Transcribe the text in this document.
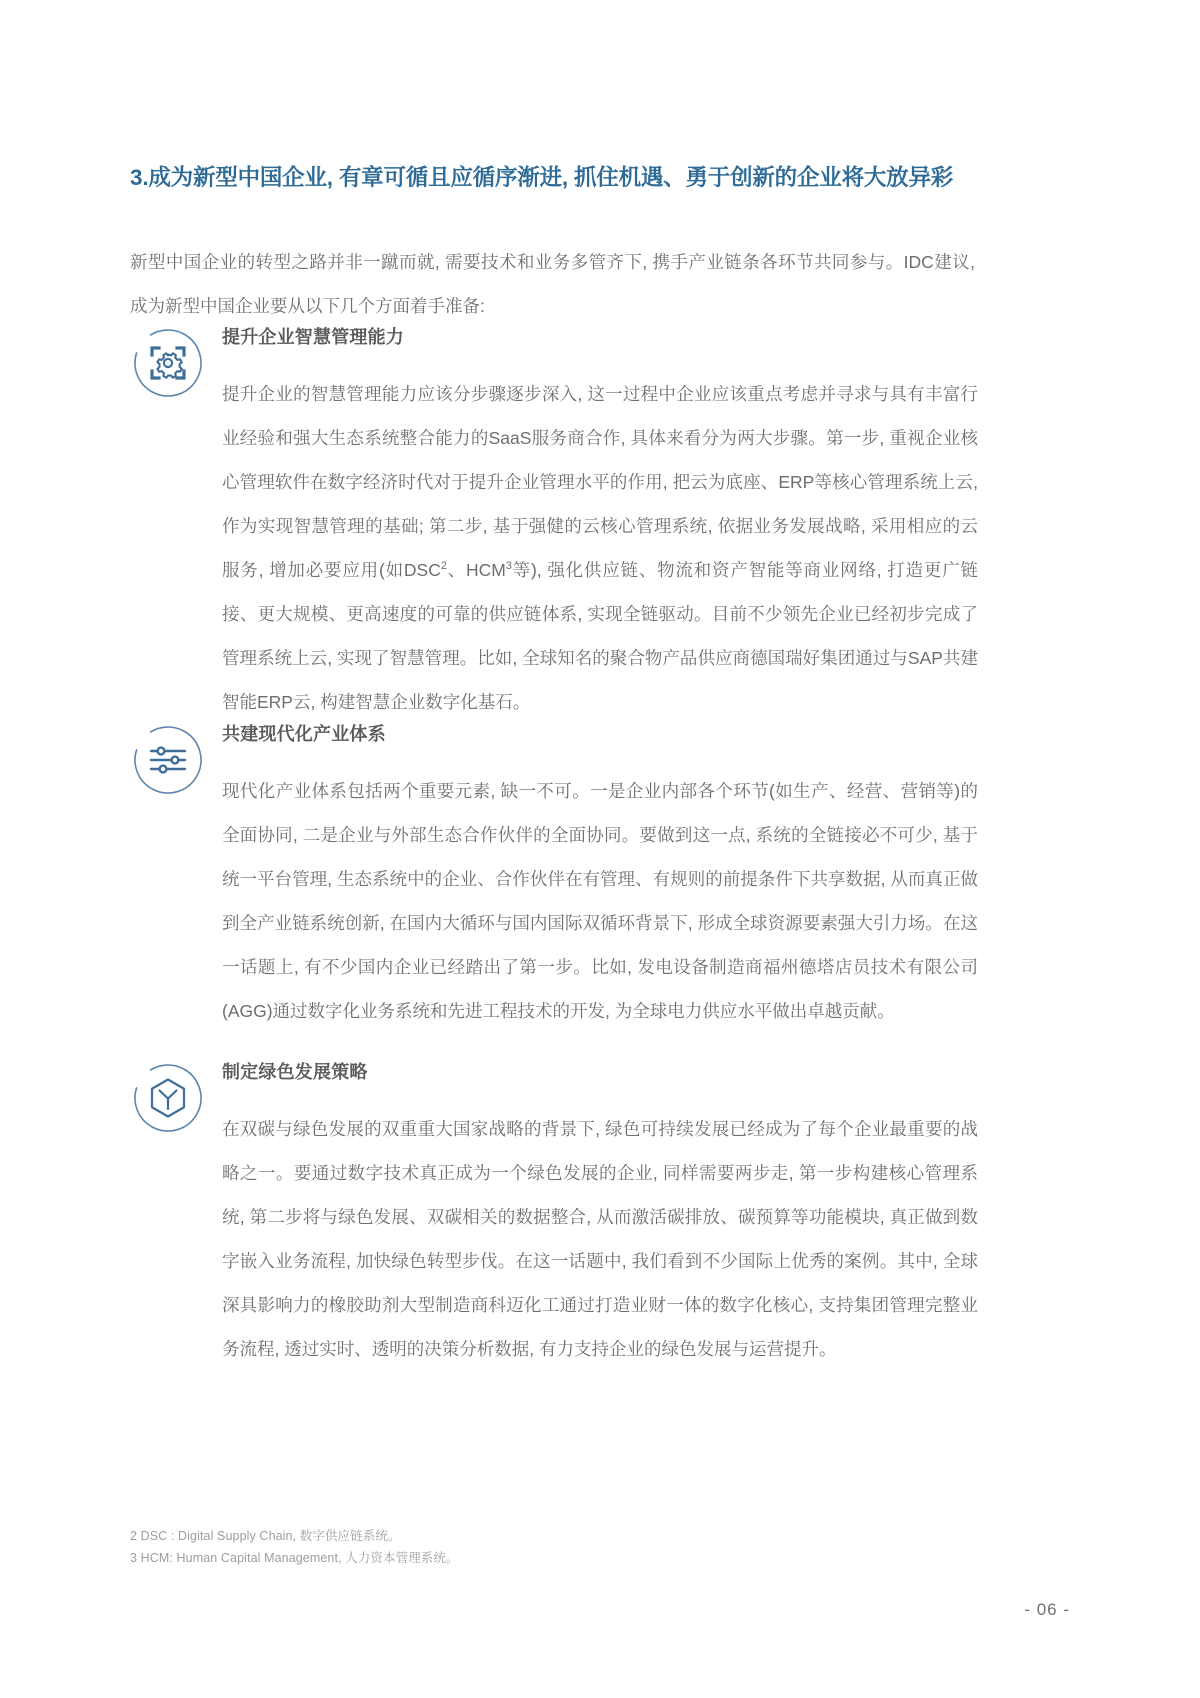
3.成为新型中国企业, 有章可循且应循序渐进, 抓住机遇、勇于创新的企业将大放异彩

新型中国企业的转型之路并非一蹴而就, 需要技术和业务多管齐下, 携手产业链条各环节共同参与。IDC建议, 成为新型中国企业要从以下几个方面着手准备:

提升企业智慧管理能力

提升企业的智慧管理能力应该分步骤逐步深入, 这一过程中企业应该重点考虑并寻求与具有丰富行业经验和强大生态系统整合能力的SaaS服务商合作, 具体来看分为两大步骤。第一步, 重视企业核心管理软件在数字经济时代对于提升企业管理水平的作用, 把云为底座、ERP等核心管理系统上云, 作为实现智慧管理的基础; 第二步, 基于强健的云核心管理系统, 依据业务发展战略, 采用相应的云服务, 增加必要应用(如DSC$^2$、HCM$^3$等), 强化供应链、物流和资产智能等商业网络, 打造更广链接、更大规模、更高速度的可靠的供应链体系, 实现全链驱动。目前不少领先企业已经初步完成了管理系统上云, 实现了智慧管理。比如, 全球知名的聚合物产品供应商德国瑞好集团通过与SAP共建智能ERP云, 构建智慧企业数字化基石。

共建现代化产业体系

现代化产业体系包括两个重要元素, 缺一不可。一是企业内部各个环节(如生产、经营、营销等)的全面协同, 二是企业与外部生态合作伙伴的全面协同。要做到这一点, 系统的全链接必不可少, 基于统一平台管理, 生态系统中的企业、合作伙伴在有管理、有规则的前提条件下共享数据, 从而真正做到全产业链系统创新, 在国内大循环与国内国际双循环背景下, 形成全球资源要素强大引力场。在这一话题上, 有不少国内企业已经踏出了第一步。比如, 发电设备制造商福州德塔店员技术有限公司(AGG)通过数字化业务系统和先进工程技术的开发, 为全球电力供应水平做出卓越贡献。

制定绿色发展策略

在双碳与绿色发展的双重重大国家战略的背景下, 绿色可持续发展已经成为了每个企业最重要的战略之一。要通过数字技术真正成为一个绿色发展的企业, 同样需要两步走, 第一步构建核心管理系统, 第二步将与绿色发展、双碳相关的数据整合, 从而激活碳排放、碳预算等功能模块, 真正做到数字嵌入业务流程, 加快绿色转型步伐。在这一话题中, 我们看到不少国际上优秀的案例。其中, 全球深具影响力的橡胶助剂大型制造商科迈化工通过打造业财一体的数字化核心, 支持集团管理完整业务流程, 透过实时、透明的决策分析数据, 有力支持企业的绿色发展与运营提升。

2 DSC : Digital Supply Chain, 数字供应链系统。

3 HCM: Human Capital Management, 人力资本管理系统。

- 06 -
